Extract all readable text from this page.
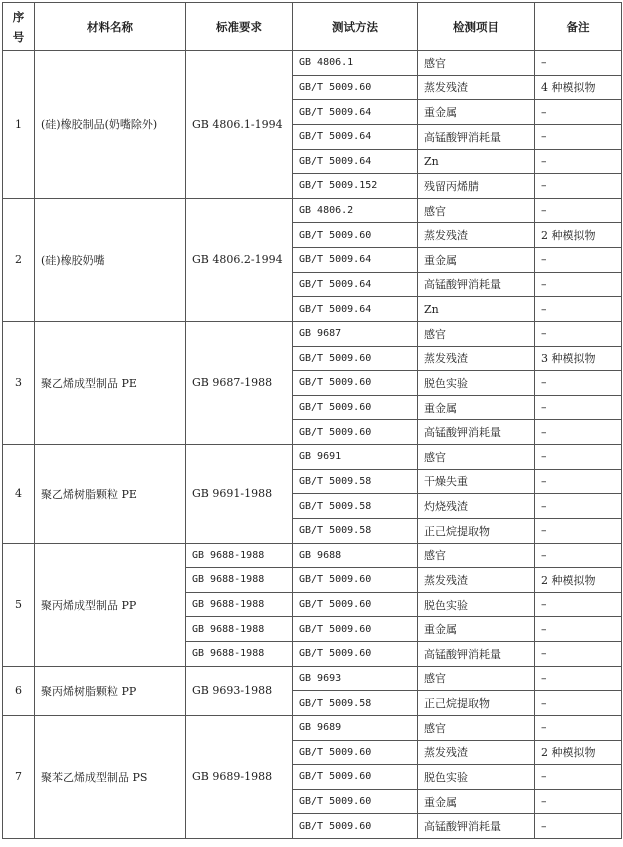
序号	材料名称	标准要求	测试方法	检测项目	备注
1	(硅)橡胶制品(奶嘴除外)	GB 4806.1-1994	GB 4806.1	感官	–
			GB/T 5009.60	蒸发残渣	4 种模拟物
			GB/T 5009.64	重金属	–
			GB/T 5009.64	高锰酸钾消耗量	–
			GB/T 5009.64	Zn	–
			GB/T 5009.152	残留丙烯腈	–
2	(硅)橡胶奶嘴	GB 4806.2-1994	GB 4806.2	感官	–
			GB/T 5009.60	蒸发残渣	2 种模拟物
			GB/T 5009.64	重金属	–
			GB/T 5009.64	高锰酸钾消耗量	–
			GB/T 5009.64	Zn	–
3	聚乙烯成型制品 PE	GB 9687-1988	GB 9687	感官	–
			GB/T 5009.60	蒸发残渣	3 种模拟物
			GB/T 5009.60	脱色实验	–
			GB/T 5009.60	重金属	–
			GB/T 5009.60	高锰酸钾消耗量	–
4	聚乙烯树脂颗粒 PE	GB 9691-1988	GB 9691	感官	–
			GB/T 5009.58	干燥失重	–
			GB/T 5009.58	灼烧残渣	–
			GB/T 5009.58	正己烷提取物	–
5	聚丙烯成型制品 PP	GB 9688-1988	GB 9688	感官	–
		GB 9688-1988	GB/T 5009.60	蒸发残渣	2 种模拟物
		GB 9688-1988	GB/T 5009.60	脱色实验	–
		GB 9688-1988	GB/T 5009.60	重金属	–
		GB 9688-1988	GB/T 5009.60	高锰酸钾消耗量	–
6	聚丙烯树脂颗粒 PP	GB 9693-1988	GB 9693	感官	–
			GB/T 5009.58	正己烷提取物	–
7	聚苯乙烯成型制品 PS	GB 9689-1988	GB 9689	感官	–
			GB/T 5009.60	蒸发残渣	2 种模拟物
			GB/T 5009.60	脱色实验	–
			GB/T 5009.60	重金属	–
			GB/T 5009.60	高锰酸钾消耗量	–
